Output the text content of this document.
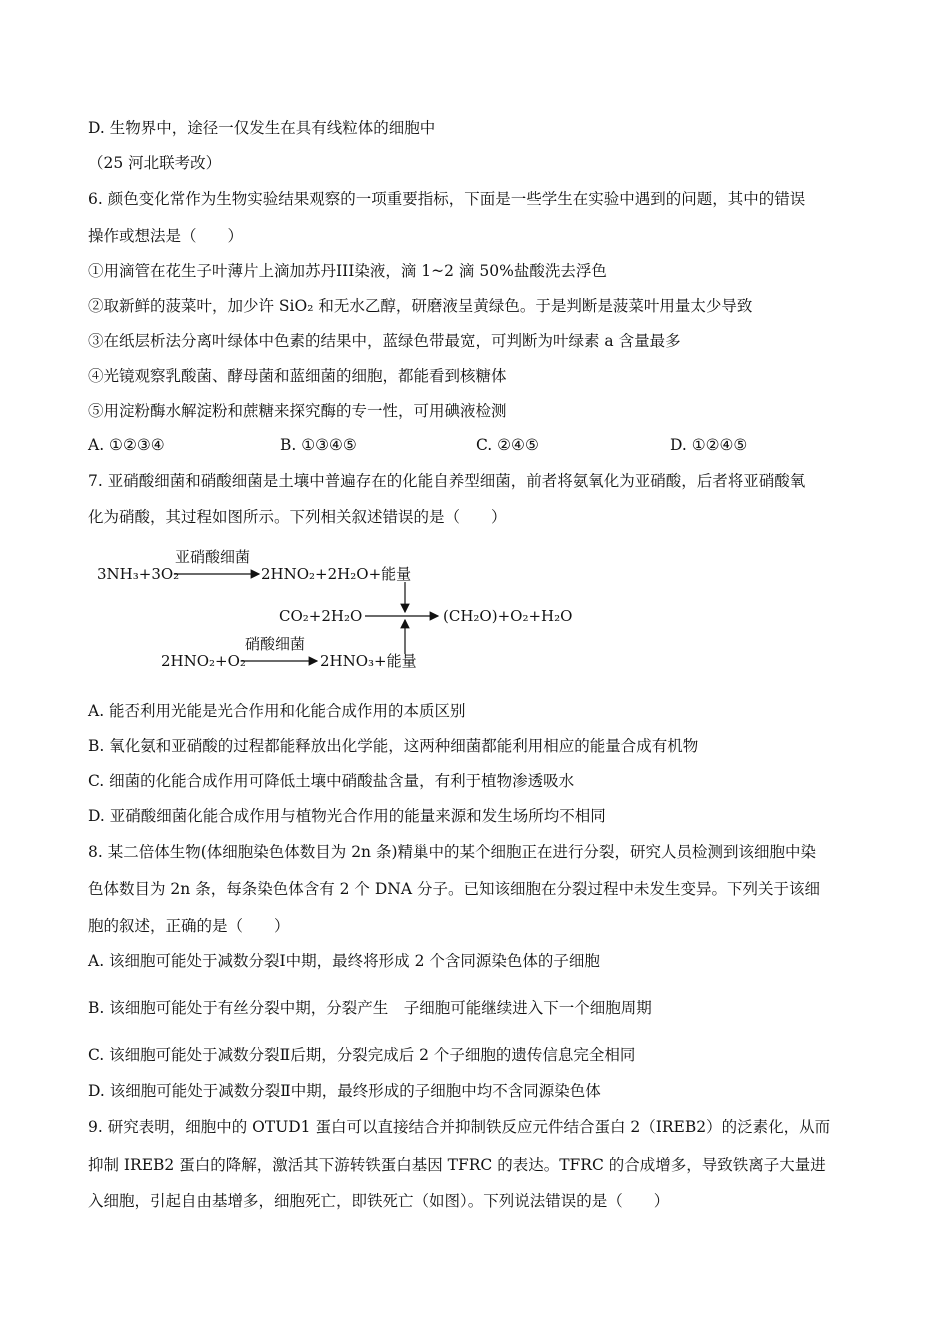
D. 生物界中，途径一仅发生在具有线粒体的细胞中
（25 河北联考改）
6. 颜色变化常作为生物实验结果观察的一项重要指标，下面是一些学生在实验中遇到的问题，其中的错误
操作或想法是（　　）
①用滴管在花生子叶薄片上滴加苏丹III染液，滴 1~2 滴 50%盐酸洗去浮色
②取新鲜的菠菜叶，加少许 SiO₂ 和无水乙醇，研磨液呈黄绿色。于是判断是菠菜叶用量太少导致
③在纸层析法分离叶绿体中色素的结果中，蓝绿色带最宽，可判断为叶绿素 a 含量最多
④光镜观察乳酸菌、酵母菌和蓝细菌的细胞，都能看到核糖体
⑤用淀粉酶水解淀粉和蔗糖来探究酶的专一性，可用碘液检测
A. ①②③④	B. ①③④⑤	C. ②④⑤	D. ①②④⑤
7. 亚硝酸细菌和硝酸细菌是土壤中普遍存在的化能自养型细菌，前者将氨氧化为亚硝酸，后者将亚硝酸氧
化为硝酸，其过程如图所示。下列相关叙述错误的是（　　）
3NH₃+3O₂
亚硝酸细菌
2HNO₂+2H₂O+能量
CO₂+2H₂O	(CH₂O)+O₂+H₂O
2HNO₂+O₂
硝酸细菌
2HNO₃+能量
A. 能否利用光能是光合作用和化能合成作用的本质区别
B. 氧化氨和亚硝酸的过程都能释放出化学能，这两种细菌都能利用相应的能量合成有机物
C. 细菌的化能合成作用可降低土壤中硝酸盐含量，有利于植物渗透吸水
D. 亚硝酸细菌化能合成作用与植物光合作用的能量来源和发生场所均不相同
8. 某二倍体生物(体细胞染色体数目为 2n 条)精巢中的某个细胞正在进行分裂，研究人员检测到该细胞中染
色体数目为 2n 条，每条染色体含有 2 个 DNA 分子。已知该细胞在分裂过程中未发生变异。下列关于该细
胞的叙述，正确的是（　　）
A. 该细胞可能处于减数分裂Ⅰ中期，最终将形成 2 个含同源染色体的子细胞
B. 该细胞可能处于有丝分裂中期，分裂产生　子细胞可能继续进入下一个细胞周期
C. 该细胞可能处于减数分裂Ⅱ后期，分裂完成后 2 个子细胞的遗传信息完全相同
D. 该细胞可能处于减数分裂Ⅱ中期，最终形成的子细胞中均不含同源染色体
9. 研究表明，细胞中的 OTUD1 蛋白可以直接结合并抑制铁反应元件结合蛋白 2（IREB2）的泛素化，从而
抑制 IREB2 蛋白的降解，激活其下游转铁蛋白基因 TFRC 的表达。TFRC 的合成增多，导致铁离子大量进
入细胞，引起自由基增多，细胞死亡，即铁死亡（如图）。下列说法错误的是（　　）
